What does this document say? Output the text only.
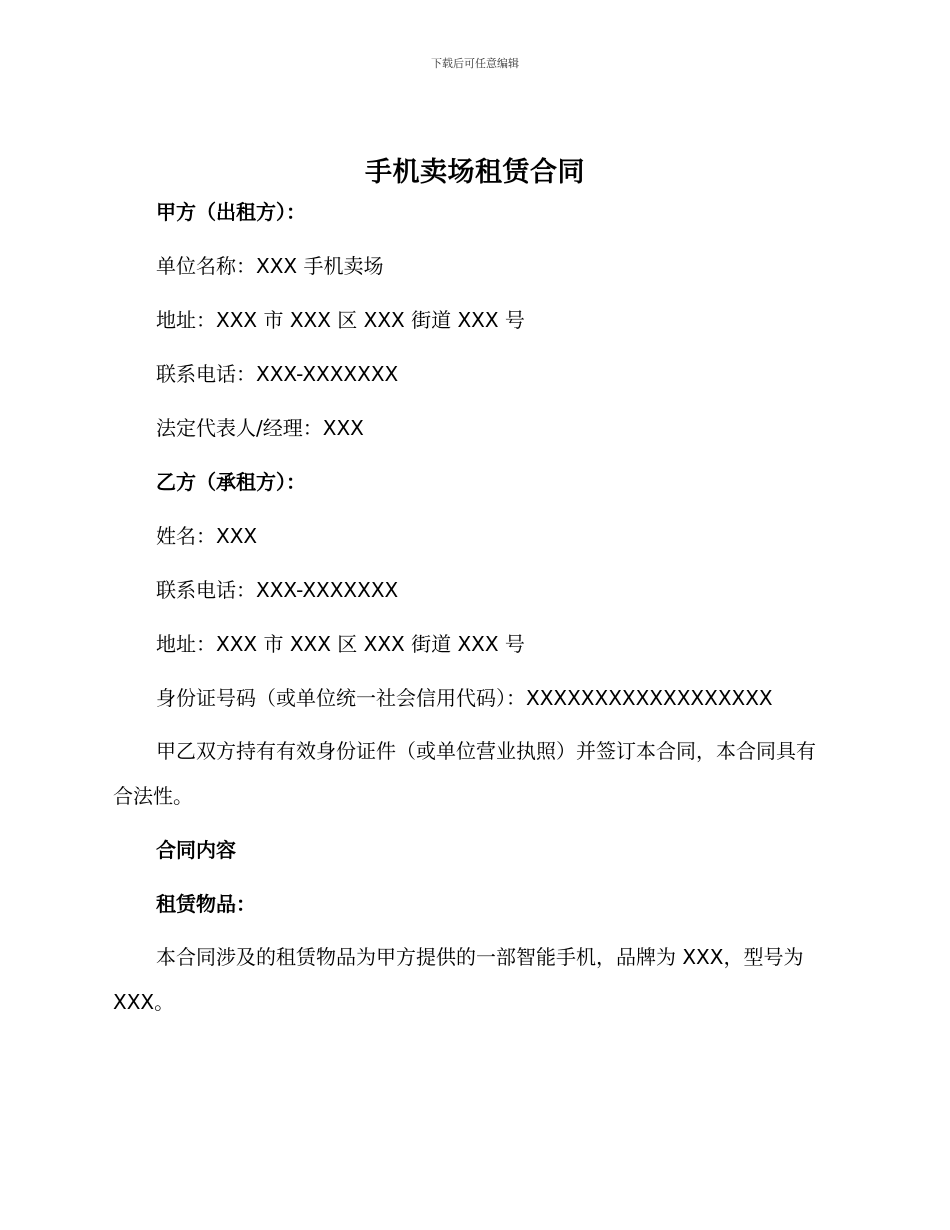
下载后可任意编辑
手机卖场租赁合同

甲方（出租方）：

单位名称：XXX 手机卖场

地址：XXX 市 XXX 区 XXX 街道 XXX 号

联系电话：XXX-XXXXXXX

法定代表人/经理：XXX

乙方（承租方）：

姓名：XXX

联系电话：XXX-XXXXXXX

地址：XXX 市 XXX 区 XXX 街道 XXX 号

身份证号码（或单位统一社会信用代码）：XXXXXXXXXXXXXXXXXX

甲乙双方持有有效身份证件（或单位营业执照）并签订本合同，本合同具有合法性。

合同内容

租赁物品：

本合同涉及的租赁物品为甲方提供的一部智能手机，品牌为 XXX，型号为 XXX。
